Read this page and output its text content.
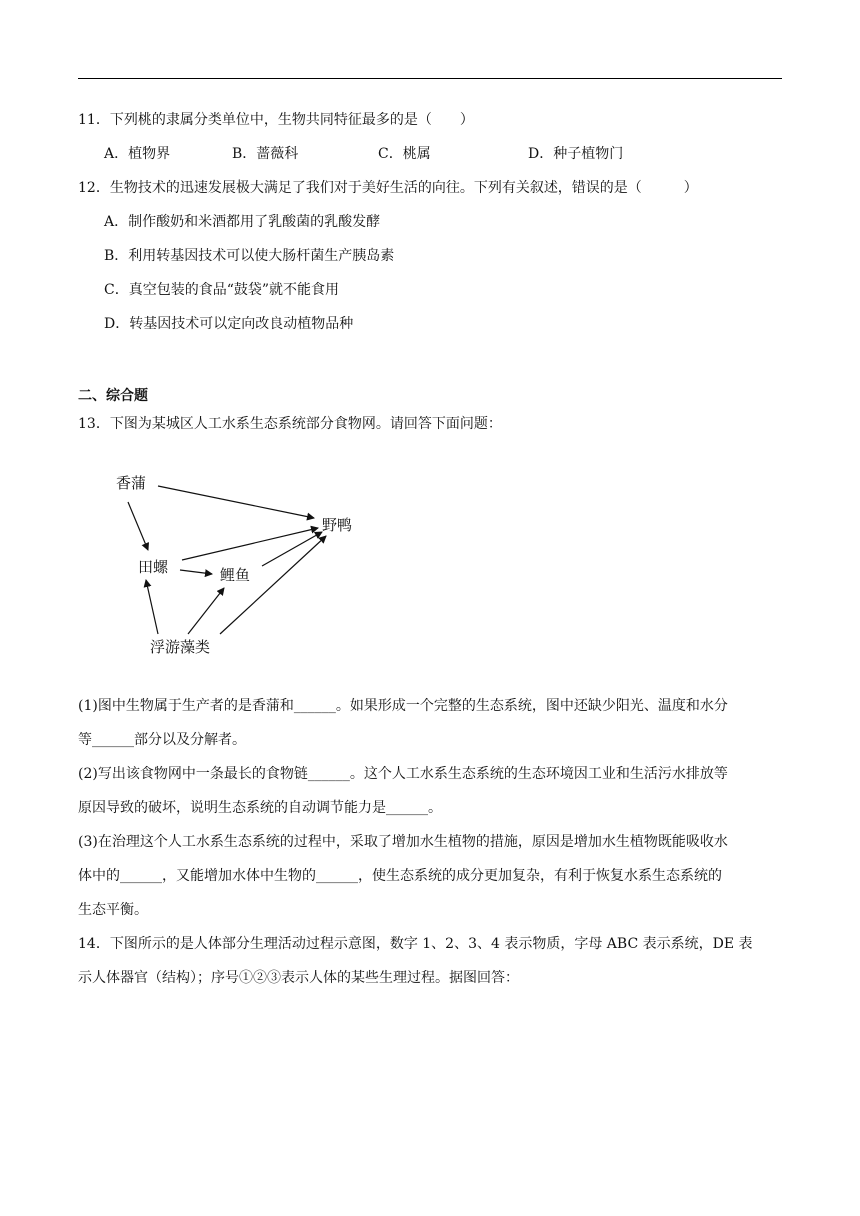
11．下列桃的隶属分类单位中，生物共同特征最多的是（　　）
A．植物界	B．蔷薇科	C．桃属	D．种子植物门
12．生物技术的迅速发展极大满足了我们对于美好生活的向往。下列有关叙述，错误的是（　　　）
A．制作酸奶和米酒都用了乳酸菌的乳酸发酵
B．利用转基因技术可以使大肠杆菌生产胰岛素
C．真空包装的食品“鼓袋”就不能食用
D．转基因技术可以定向改良动植物品种
二、综合题
13．下图为某城区人工水系生态系统部分食物网。请回答下面问题：
香蒲
野鸭
田螺	鲤鱼
浮游藻类
(1)图中生物属于生产者的是香蒲和______。如果形成一个完整的生态系统，图中还缺少阳光、温度和水分
等______部分以及分解者。
(2)写出该食物网中一条最长的食物链______。这个人工水系生态系统的生态环境因工业和生活污水排放等
原因导致的破坏，说明生态系统的自动调节能力是______。
(3)在治理这个人工水系生态系统的过程中，采取了增加水生植物的措施，原因是增加水生植物既能吸收水
体中的______，又能增加水体中生物的______，使生态系统的成分更加复杂，有利于恢复水系生态系统的
生态平衡。
14．下图所示的是人体部分生理活动过程示意图，数字 1、2、3、4 表示物质，字母 ABC 表示系统，DE 表
示人体器官（结构）；序号①②③表示人体的某些生理过程。据图回答：
